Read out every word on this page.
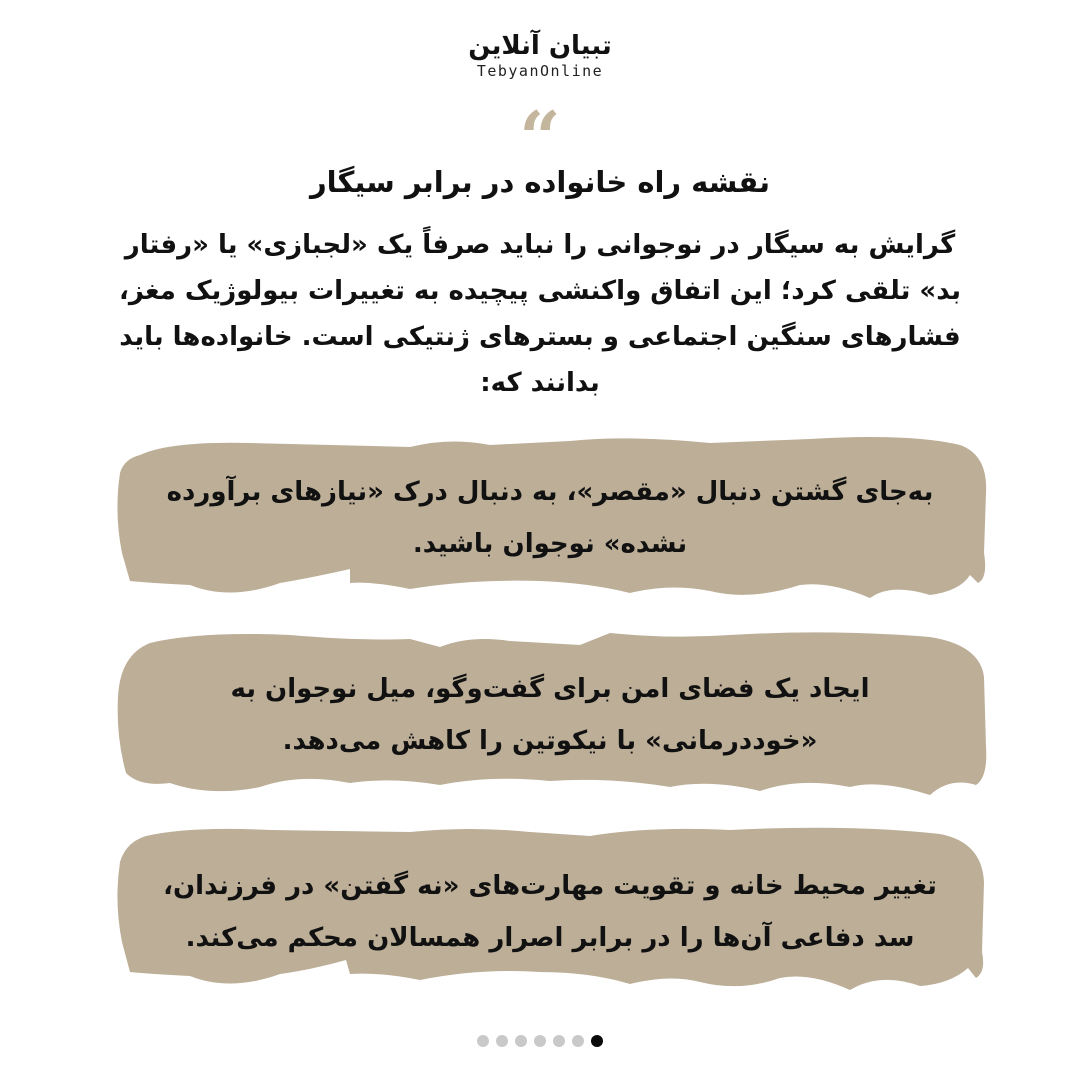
تبیان آنلاین
TebyanOnline
“
نقشه راه خانواده در برابر سیگار
گرایش به سیگار در نوجوانی را نباید صرفاً یک «لجبازی» یا «رفتار بد» تلقی کرد؛ این اتفاق واکنشی پیچیده به تغییرات بیولوژیک مغز، فشارهای سنگین اجتماعی و بسترهای ژنتیکی است. خانواده‌ها باید بدانند که:
به‌جای گشتن دنبال «مقصر»، به دنبال درک «نیازهای برآورده نشده» نوجوان باشید.
ایجاد یک فضای امن برای گفت‌وگو، میل نوجوان به «خوددرمانی» با نیکوتین را کاهش می‌دهد.
تغییر محیط خانه و تقویت مهارت‌های «نه گفتن» در فرزندان، سد دفاعی آن‌ها را در برابر اصرار همسالان محکم می‌کند.
